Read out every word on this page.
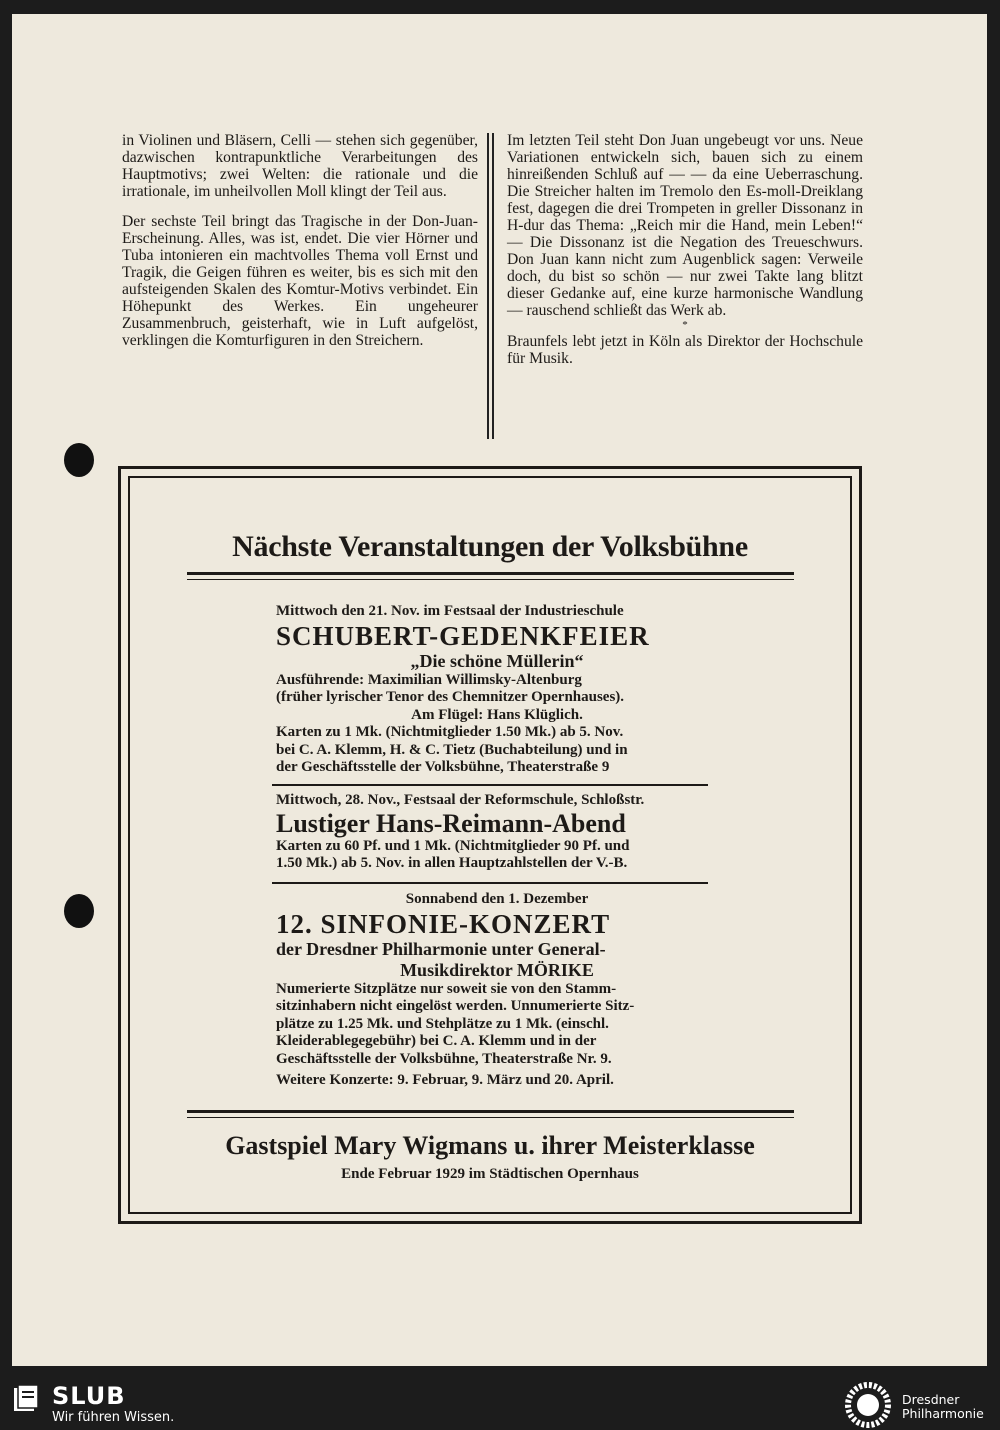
in Violinen und Bläsern, Celli — stehen sich gegenüber, dazwischen kontrapunktliche Verarbeitungen des Hauptmotivs; zwei Welten: die rationale und die irrationale, im unheilvollen Moll klingt der Teil aus.

Der sechste Teil bringt das Tragische in der Don-Juan-Erscheinung. Alles, was ist, endet. Die vier Hörner und Tuba intonieren ein machtvolles Thema voll Ernst und Tragik, die Geigen führen es weiter, bis es sich mit den aufsteigenden Skalen des Komtur-Motivs verbindet. Ein Höhepunkt des Werkes. Ein ungeheurer Zusammenbruch, geisterhaft, wie in Luft aufgelöst, verklingen die Komturfiguren in den Streichern.

Im letzten Teil steht Don Juan ungebeugt vor uns. Neue Variationen entwickeln sich, bauen sich zu einem hinreißenden Schluß auf — — da eine Ueberraschung. Die Streicher halten im Tremolo den Es-moll-Dreiklang fest, dagegen die drei Trompeten in greller Dissonanz in H-dur das Thema: „Reich mir die Hand, mein Leben!“ — Die Dissonanz ist die Negation des Treueschwurs. Don Juan kann nicht zum Augenblick sagen: Verweile doch, du bist so schön — nur zwei Takte lang blitzt dieser Gedanke auf, eine kurze harmonische Wandlung — rauschend schließt das Werk ab.

*

Braunfels lebt jetzt in Köln als Direktor der Hochschule für Musik.

Nächste Veranstaltungen der Volksbühne
Mittwoch den 21. Nov. im Festsaal der Industrieschule
SCHUBERT-GEDENKFEIER
„Die schöne Müllerin“
Ausführende: Maximilian Willimsky-Altenburg
(früher lyrischer Tenor des Chemnitzer Opernhauses).
Am Flügel: Hans Klüglich.
Karten zu 1 Mk. (Nichtmitglieder 1.50 Mk.) ab 5. Nov.
bei C. A. Klemm, H. & C. Tietz (Buchabteilung) und in
der Geschäftsstelle der Volksbühne, Theaterstraße 9
Mittwoch, 28. Nov., Festsaal der Reformschule, Schloßstr.
Lustiger Hans-Reimann-Abend
Karten zu 60 Pf. und 1 Mk. (Nichtmitglieder 90 Pf. und
1.50 Mk.) ab 5. Nov. in allen Hauptzahlstellen der V.-B.
Sonnabend den 1. Dezember
12. SINFONIE-KONZERT
der Dresdner Philharmonie unter General-
Musikdirektor MÖRIKE
Numerierte Sitzplätze nur soweit sie von den Stamm-
sitzinhabern nicht eingelöst werden. Unnumerierte Sitz-
plätze zu 1.25 Mk. und Stehplätze zu 1 Mk. (einschl.
Kleiderablegegebühr) bei C. A. Klemm und in der
Geschäftsstelle der Volksbühne, Theaterstraße Nr. 9.
Weitere Konzerte: 9. Februar, 9. März und 20. April.
Gastspiel Mary Wigmans u. ihrer Meisterklasse
Ende Februar 1929 im Städtischen Opernhaus
SLUB
Wir führen Wissen.
Dresdner
Philharmonie
